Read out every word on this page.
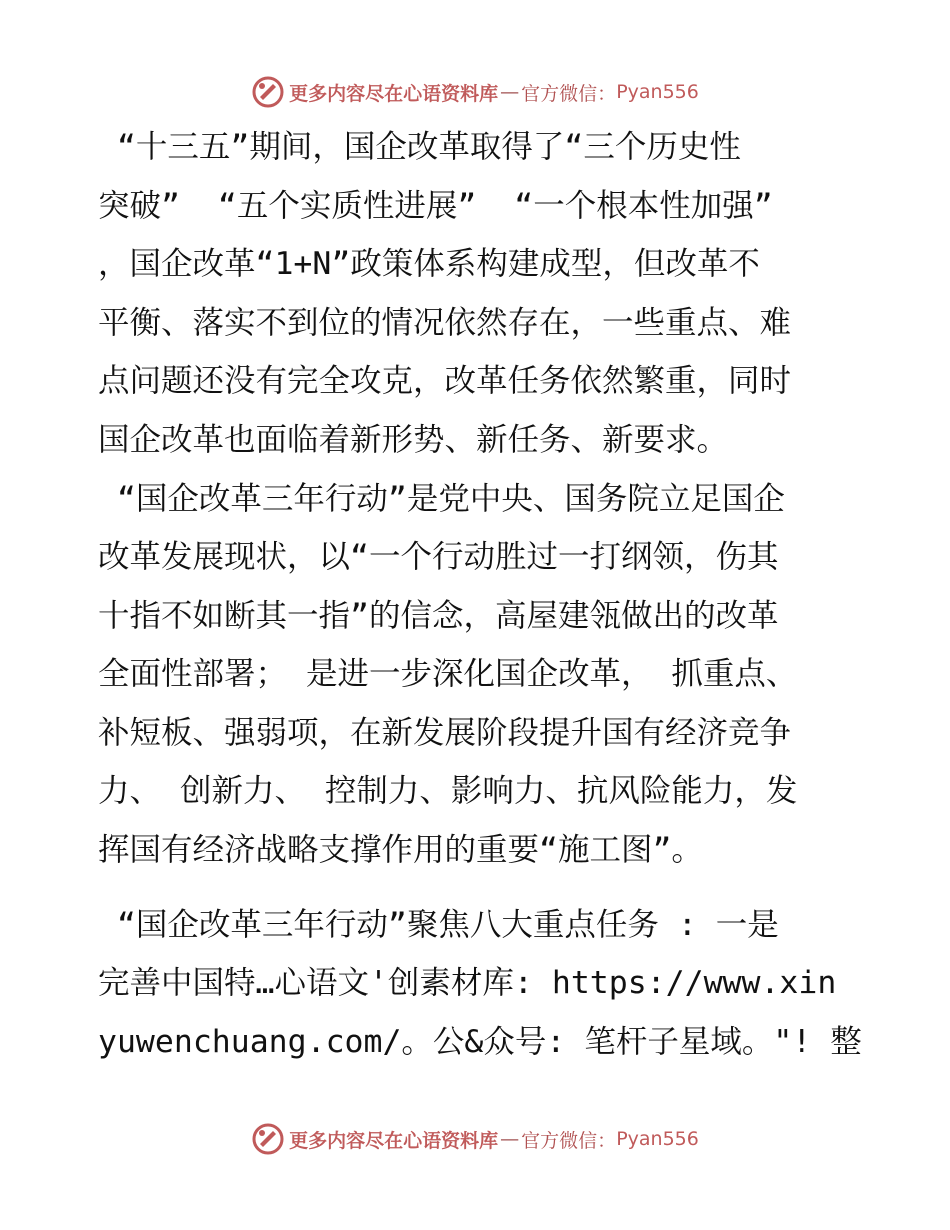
更多内容尽在心语资料库 — 官方微信： Pyan556
“十三五”期间，国企改革取得了“三个历史性
突破”  “五个实质性进展”  “一个根本性加强”
，国企改革“1+N”政策体系构建成型，但改革不
平衡、落实不到位的情况依然存在，一些重点、难
点问题还没有完全攻克，改革任务依然繁重，同时
国企改革也面临着新形势、新任务、新要求。
“国企改革三年行动”是党中央、国务院立足国企
改革发展现状，以“一个行动胜过一打纲领，伤其
十指不如断其一指”的信念，高屋建瓴做出的改革
全面性部署； 是进一步深化国企改革， 抓重点、
补短板、强弱项，在新发展阶段提升国有经济竞争
力、 创新力、 控制力、影响力、抗风险能力，发
挥国有经济战略支撑作用的重要“施工图”。
“国企改革三年行动”聚焦八大重点任务 : 一是
完善中国特…心语文'创素材库: https://www.xin
yuwenchuang.com/。公&众号: 笔杆子星域。"! 整
更多内容尽在心语资料库 — 官方微信： Pyan556
